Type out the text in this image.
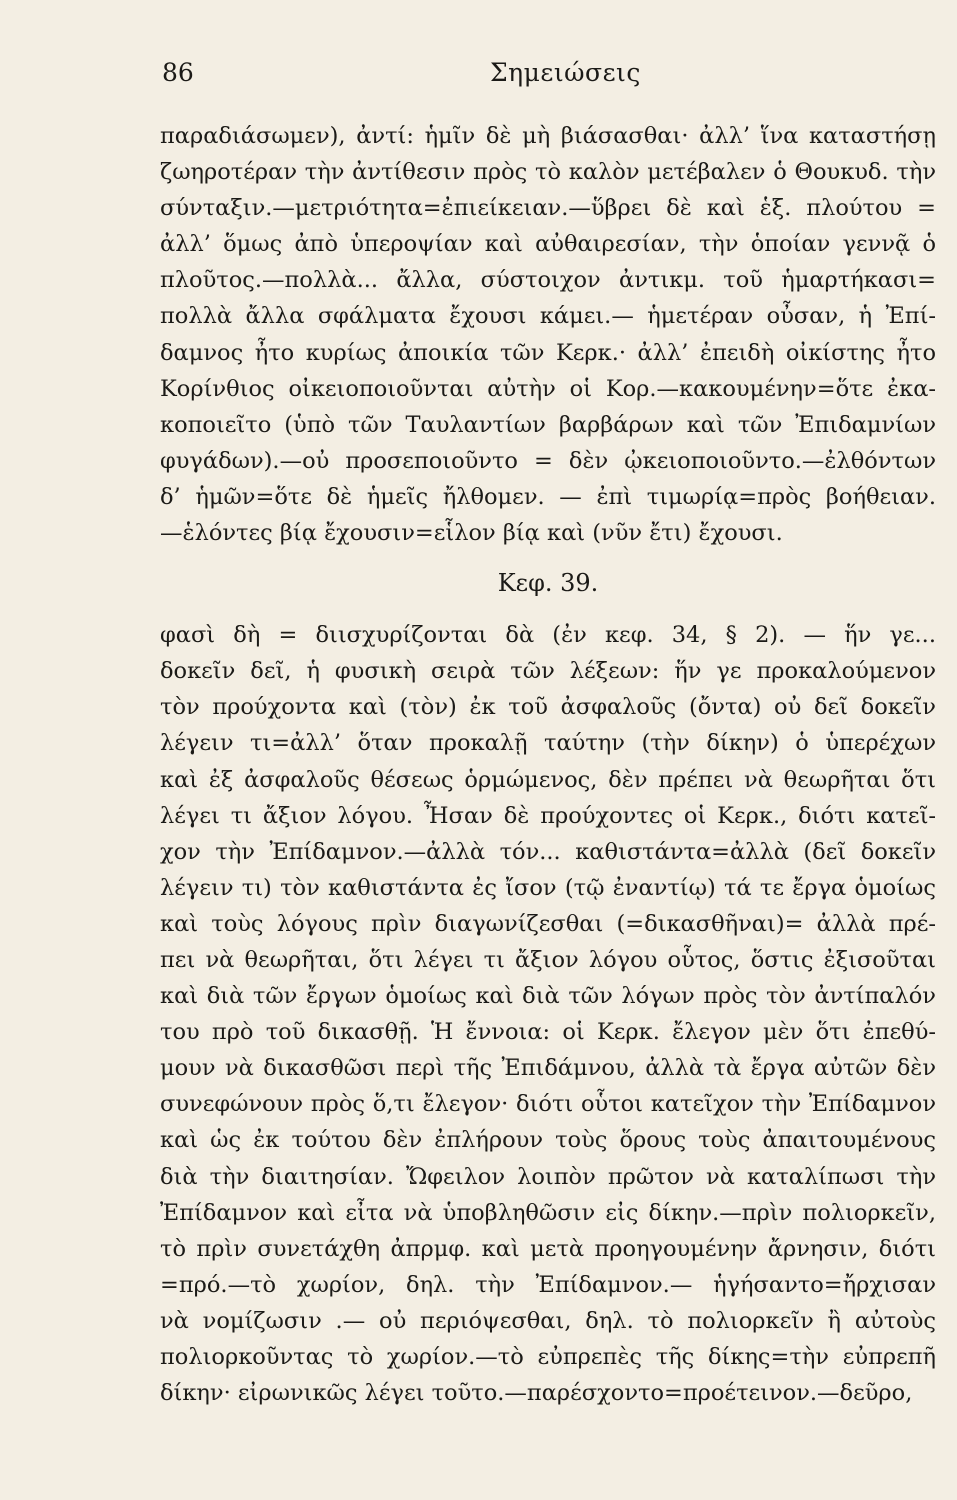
86	Σημειώσεις
παραδιάσωμεν), ἀντί: ἡμῖν δὲ μὴ βιάσασθαι· ἀλλ’ ἵνα καταστήσῃ
ζωηροτέραν τὴν ἀντίθεσιν πρὸς τὸ καλὸν μετέβαλεν ὁ Θουκυδ. τὴν
σύνταξιν.—μετριότητα=ἐπιείκειαν.—ὕβρει δὲ καὶ ἑξ. πλούτου =
ἀλλ’ ὅμως ἀπὸ ὑπεροψίαν καὶ αὐθαιρεσίαν, τὴν ὁποίαν γεννᾷ ὁ
πλοῦτος.—πολλὰ... ἄλλα, σύστοιχον ἀντικμ. τοῦ ἡμαρτήκασι=
πολλὰ ἄλλα σφάλματα ἔχουσι κάμει.— ἡμετέραν οὖσαν, ἡ Ἐπί-
δαμνος ἦτο κυρίως ἀποικία τῶν Κερκ.· ἀλλ’ ἐπειδὴ οἰκίστης ἦτο
Κορίνθιος οἰκειοποιοῦνται αὐτὴν οἱ Κορ.—κακουμένην=ὅτε ἐκα-
κοποιεῖτο (ὑπὸ τῶν Ταυλαντίων βαρβάρων καὶ τῶν Ἐπιδαμνίων
φυγάδων).—οὐ προσεποιοῦντο = δὲν ᾠκειοποιοῦντο.—ἐλθόντων
δ’ ἡμῶν=ὅτε δὲ ἡμεῖς ἤλθομεν. — ἐπὶ τιμωρίᾳ=πρὸς βοήθειαν.
—ἑλόντες βίᾳ ἔχουσιν=εἷλον βίᾳ καὶ (νῦν ἔτι) ἔχουσι.
Κεφ. 39.
φασὶ δὴ = διισχυρίζονται δὰ (ἐν κεφ. 34, § 2). — ἥν γε...
δοκεῖν δεῖ, ἡ φυσικὴ σειρὰ τῶν λέξεων: ἥν γε προκαλούμενον
τὸν προύχοντα καὶ (τὸν) ἐκ τοῦ ἀσφαλοῦς (ὄντα) οὐ δεῖ δοκεῖν
λέγειν τι=ἀλλ’ ὅταν προκαλῇ ταύτην (τὴν δίκην) ὁ ὑπερέχων
καὶ ἐξ ἀσφαλοῦς θέσεως ὁρμώμενος, δὲν πρέπει νὰ θεωρῆται ὅτι
λέγει τι ἄξιον λόγου. Ἦσαν δὲ προύχοντες οἱ Κερκ., διότι κατεῖ-
χον τὴν Ἐπίδαμνον.—ἀλλὰ τόν... καθιστάντα=ἀλλὰ (δεῖ δοκεῖν
λέγειν τι) τὸν καθιστάντα ἐς ἴσον (τῷ ἐναντίῳ) τά τε ἔργα ὁμοίως
καὶ τοὺς λόγους πρὶν διαγωνίζεσθαι (=δικασθῆναι)= ἀλλὰ πρέ-
πει νὰ θεωρῆται, ὅτι λέγει τι ἄξιον λόγου οὗτος, ὅστις ἐξισοῦται
καὶ διὰ τῶν ἔργων ὁμοίως καὶ διὰ τῶν λόγων πρὸς τὸν ἀντίπαλόν
του πρὸ τοῦ δικασθῇ. Ἡ ἔννοια: οἱ Κερκ. ἔλεγον μὲν ὅτι ἐπεθύ-
μουν νὰ δικασθῶσι περὶ τῆς Ἐπιδάμνου, ἀλλὰ τὰ ἔργα αὐτῶν δὲν
συνεφώνουν πρὸς ὅ,τι ἔλεγον· διότι οὗτοι κατεῖχον τὴν Ἐπίδαμνον
καὶ ὡς ἐκ τούτου δὲν ἐπλήρουν τοὺς ὅρους τοὺς ἀπαιτουμένους
διὰ τὴν διαιτησίαν. Ὤφειλον λοιπὸν πρῶτον νὰ καταλίπωσι τὴν
Ἐπίδαμνον καὶ εἶτα νὰ ὑποβληθῶσιν εἰς δίκην.—πρὶν πολιορκεῖν,
τὸ πρὶν συνετάχθη ἀπρμφ. καὶ μετὰ προηγουμένην ἄρνησιν, διότι
=πρό.—τὸ χωρίον, δηλ. τὴν Ἐπίδαμνον.— ἡγήσαντο=ἤρχισαν
νὰ νομίζωσιν .— οὐ περιόψεσθαι, δηλ. τὸ πολιορκεῖν ἢ αὐτοὺς
πολιορκοῦντας τὸ χωρίον.—τὸ εὐπρεπὲς τῆς δίκης=τὴν εὐπρεπῆ
δίκην· εἰρωνικῶς λέγει τοῦτο.—παρέσχοντο=προέτεινον.—δεῦρο,
